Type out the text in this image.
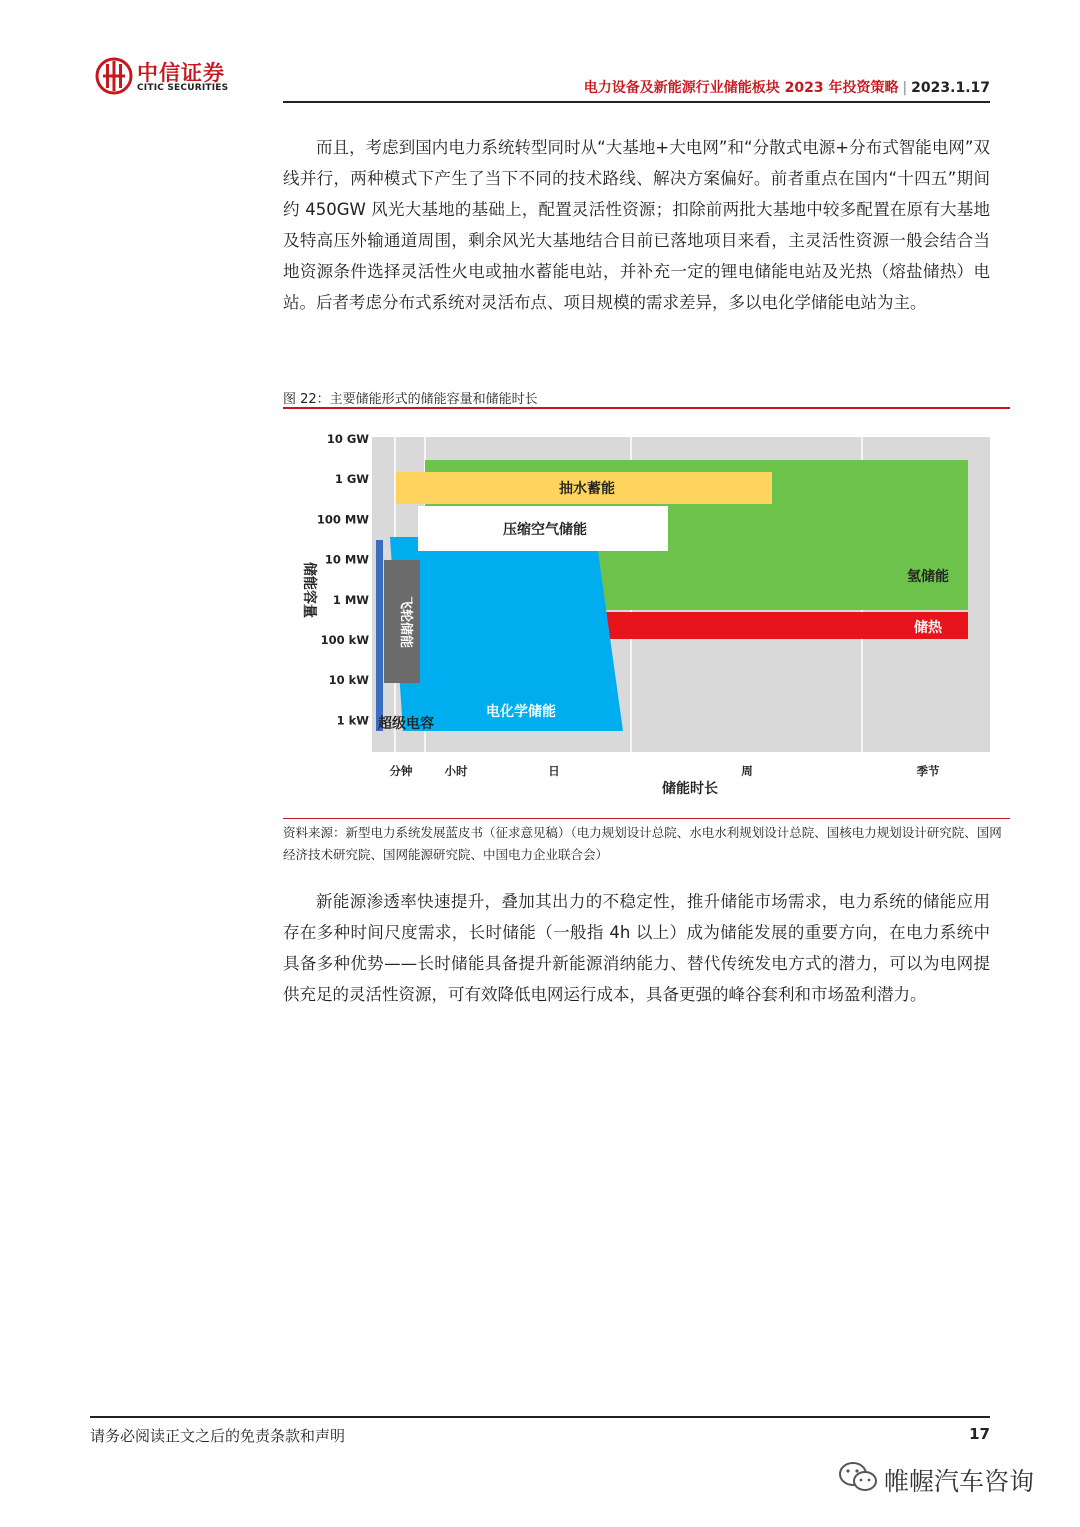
中信证券
CITIC SECURITIES	电力设备及新能源行业储能板块 2023 年投资策略 | 2023.1.17

而且，考虑到国内电力系统转型同时从“大基地+大电网”和“分散式电源+分布式智能电网”双线并行，两种模式下产生了当下不同的技术路线、解决方案偏好。前者重点在国内“十四五”期间约 450GW 风光大基地的基础上，配置灵活性资源；扣除前两批大基地中较多配置在原有大基地及特高压外输通道周围，剩余风光大基地结合目前已落地项目来看，主灵活性资源一般会结合当地资源条件选择灵活性火电或抽水蓄能电站，并补充一定的锂电储能电站及光热（熔盐储热）电站。后者考虑分布式系统对灵活布点、项目规模的需求差异，多以电化学储能电站为主。

图 22：主要储能形式的储能容量和储能时长
氢储能
储热
电化学储能
抽水蓄能
压缩空气储能
飞轮储能
超级电容
10 GW
1 GW
100 MW
10 MW
1 MW
100 kW
10 kW
1 kW
分钟	小时	日	周	季节
储能时长
储能容量

资料来源：新型电力系统发展蓝皮书（征求意见稿）（电力规划设计总院、水电水利规划设计总院、国核电力规划设计研究院、国网经济技术研究院、国网能源研究院、中国电力企业联合会）

新能源渗透率快速提升，叠加其出力的不稳定性，推升储能市场需求，电力系统的储能应用存在多种时间尺度需求，长时储能（一般指 4h 以上）成为储能发展的重要方向，在电力系统中具备多种优势——长时储能具备提升新能源消纳能力、替代传统发电方式的潜力，可以为电网提供充足的灵活性资源，可有效降低电网运行成本，具备更强的峰谷套利和市场盈利潜力。

请务必阅读正文之后的免责条款和声明	17
帷幄汽车咨询
